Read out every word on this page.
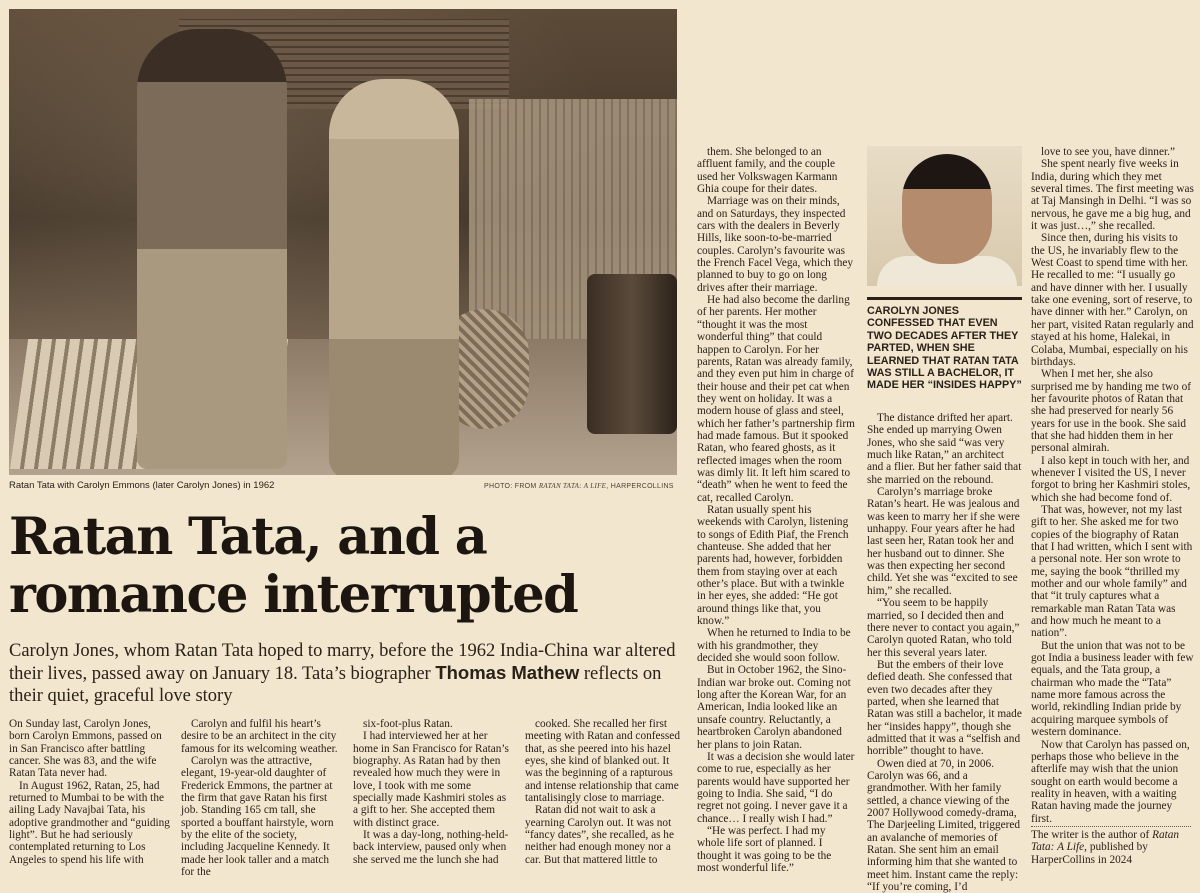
Ratan Tata with Carolyn Emmons (later Carolyn Jones) in 1962	PHOTO: FROM RATAN TATA: A LIFE, HARPERCOLLINS
Ratan Tata, and a romance interrupted
Carolyn Jones, whom Ratan Tata hoped to marry, before the 1962 India-China war altered their lives, passed away on January 18. Tata’s biographer Thomas Mathew reflects on their quiet, graceful love story

On Sunday last, Carolyn Jones, born Carolyn Emmons, passed on in San Francisco after battling cancer. She was 83, and the wife Ratan Tata never had.

In August 1962, Ratan, 25, had returned to Mumbai to be with the ailing Lady Navajbai Tata, his adoptive grandmother and “guiding light”. But he had seriously contemplated returning to Los Angeles to spend his life with

Carolyn and fulfil his heart’s desire to be an architect in the city famous for its welcoming weather.

Carolyn was the attractive, elegant, 19-year-old daughter of Frederick Emmons, the partner at the firm that gave Ratan his first job. Standing 165 cm tall, she sported a bouffant hairstyle, worn by the elite of the society, including Jacqueline Kennedy. It made her look taller and a match for the

six-foot-plus Ratan.

I had interviewed her at her home in San Francisco for Ratan’s biography. As Ratan had by then revealed how much they were in love, I took with me some specially made Kashmiri stoles as a gift to her. She accepted them with distinct grace.

It was a day-long, nothing-held-back interview, paused only when she served me the lunch she had

cooked. She recalled her first meeting with Ratan and confessed that, as she peered into his hazel eyes, she kind of blanked out. It was the beginning of a rapturous and intense relationship that came tantalisingly close to marriage.

Ratan did not wait to ask a yearning Carolyn out. It was not “fancy dates”, she recalled, as he neither had enough money nor a car. But that mattered little to

them. She belonged to an affluent family, and the couple used her Volkswagen Karmann Ghia coupe for their dates.

Marriage was on their minds, and on Saturdays, they inspected cars with the dealers in Beverly Hills, like soon-to-be-married couples. Carolyn’s favourite was the French Facel Vega, which they planned to buy to go on long drives after their marriage.

He had also become the darling of her parents. Her mother “thought it was the most wonderful thing” that could happen to Carolyn. For her parents, Ratan was already family, and they even put him in charge of their house and their pet cat when they went on holiday. It was a modern house of glass and steel, which her father’s partnership firm had made famous. But it spooked Ratan, who feared ghosts, as it reflected images when the room was dimly lit. It left him scared to “death” when he went to feed the cat, recalled Carolyn.

Ratan usually spent his weekends with Carolyn, listening to songs of Edith Piaf, the French chanteuse. She added that her parents had, however, forbidden them from staying over at each other’s place. But with a twinkle in her eyes, she added: “He got around things like that, you know.”

When he returned to India to be with his grandmother, they decided she would soon follow.

But in October 1962, the Sino-Indian war broke out. Coming not long after the Korean War, for an American, India looked like an unsafe country. Reluctantly, a heartbroken Carolyn abandoned her plans to join Ratan.

It was a decision she would later come to rue, especially as her parents would have supported her going to India. She said, “I do regret not going. I never gave it a chance… I really wish I had.”

“He was perfect. I had my whole life sort of planned. I thought it was going to be the most wonderful life.”

The distance drifted her apart. She ended up marrying Owen Jones, who she said “was very much like Ratan,” an architect and a flier. But her father said that she married on the rebound.

Carolyn’s marriage broke Ratan’s heart. He was jealous and was keen to marry her if she were unhappy. Four years after he had last seen her, Ratan took her and her husband out to dinner. She was then expecting her second child. Yet she was “excited to see him,” she recalled.

“You seem to be happily married, so I decided then and there never to contact you again,” Carolyn quoted Ratan, who told her this several years later.

But the embers of their love defied death. She confessed that even two decades after they parted, when she learned that Ratan was still a bachelor, it made her “insides happy”, though she admitted that it was a “selfish and horrible” thought to have.

Owen died at 70, in 2006. Carolyn was 66, and a grandmother. With her family settled, a chance viewing of the 2007 Hollywood comedy-drama, The Darjeeling Limited, triggered an avalanche of memories of Ratan. She sent him an email informing him that she wanted to meet him. Instant came the reply: “If you’re coming, I’d

love to see you, have dinner.”

She spent nearly five weeks in India, during which they met several times. The first meeting was at Taj Mansingh in Delhi. “I was so nervous, he gave me a big hug, and it was just…,” she recalled.

Since then, during his visits to the US, he invariably flew to the West Coast to spend time with her. He recalled to me: “I usually go and have dinner with her. I usually take one evening, sort of reserve, to have dinner with her.” Carolyn, on her part, visited Ratan regularly and stayed at his home, Halekai, in Colaba, Mumbai, especially on his birthdays.

When I met her, she also surprised me by handing me two of her favourite photos of Ratan that she had preserved for nearly 56 years for use in the book. She said that she had hidden them in her personal almirah.

I also kept in touch with her, and whenever I visited the US, I never forgot to bring her Kashmiri stoles, which she had become fond of.

That was, however, not my last gift to her. She asked me for two copies of the biography of Ratan that I had written, which I sent with a personal note. Her son wrote to me, saying the book “thrilled my mother and our whole family” and that “it truly captures what a remarkable man Ratan Tata was and how much he meant to a nation”.

But the union that was not to be got India a business leader with few equals, and the Tata group, a chairman who made the “Tata” name more famous across the world, rekindling Indian pride by acquiring marquee symbols of western dominance.

Now that Carolyn has passed on, perhaps those who believe in the afterlife may wish that the union sought on earth would become a reality in heaven, with a waiting Ratan having made the journey first.

CAROLYN JONES CONFESSED THAT EVEN TWO DECADES AFTER THEY PARTED, WHEN SHE LEARNED THAT RATAN TATA WAS STILL A BACHELOR, IT MADE HER “INSIDES HAPPY”
The writer is the author of Ratan Tata: A Life, published by HarperCollins in 2024
